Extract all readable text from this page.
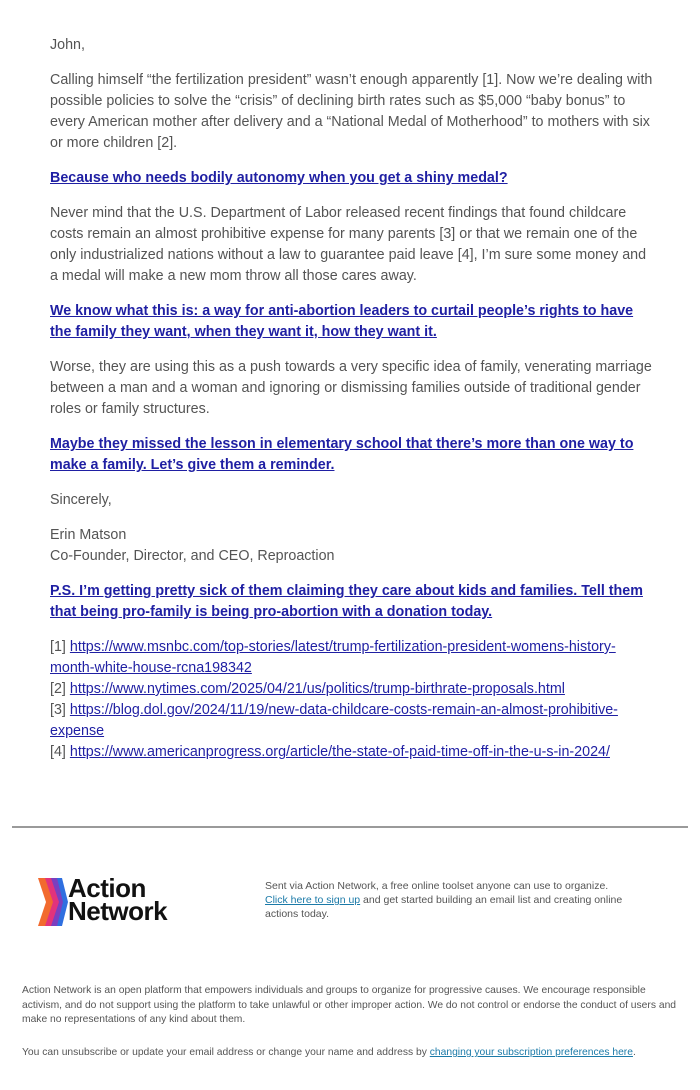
John,

Calling himself “the fertilization president” wasn’t enough apparently [1]. Now we’re dealing with possible policies to solve the “crisis” of declining birth rates such as $5,000 “baby bonus” to every American mother after delivery and a “National Medal of Motherhood” to mothers with six or more children [2].

Because who needs bodily autonomy when you get a shiny medal?

Never mind that the U.S. Department of Labor released recent findings that found childcare costs remain an almost prohibitive expense for many parents [3] or that we remain one of the only industrialized nations without a law to guarantee paid leave [4], I’m sure some money and a medal will make a new mom throw all those cares away.

We know what this is: a way for anti-abortion leaders to curtail people’s rights to have the family they want, when they want it, how they want it.

Worse, they are using this as a push towards a very specific idea of family, venerating marriage between a man and a woman and ignoring or dismissing families outside of traditional gender roles or family structures.

Maybe they missed the lesson in elementary school that there’s more than one way to make a family. Let’s give them a reminder.

Sincerely,

Erin Matson
Co-Founder, Director, and CEO, Reproaction

P.S. I’m getting pretty sick of them claiming they care about kids and families. Tell them that being pro-family is being pro-abortion with a donation today.

[1] https://www.msnbc.com/top-stories/latest/trump-fertilization-president-womens-history-month-white-house-rcna198342
[2] https://www.nytimes.com/2025/04/21/us/politics/trump-birthrate-proposals.html
[3] https://blog.dol.gov/2024/11/19/new-data-childcare-costs-remain-an-almost-prohibitive-expense
[4] https://www.americanprogress.org/article/the-state-of-paid-time-off-in-the-u-s-in-2024/
Action
Network
Sent via Action Network, a free online toolset anyone can use to organize.
Click here to sign up and get started building an email list and creating online actions today.
Action Network is an open platform that empowers individuals and groups to organize for progressive causes. We encourage responsible activism, and do not support using the platform to take unlawful or other improper action. We do not control or endorse the conduct of users and make no representations of any kind about them.
You can unsubscribe or update your email address or change your name and address by changing your subscription preferences here.
